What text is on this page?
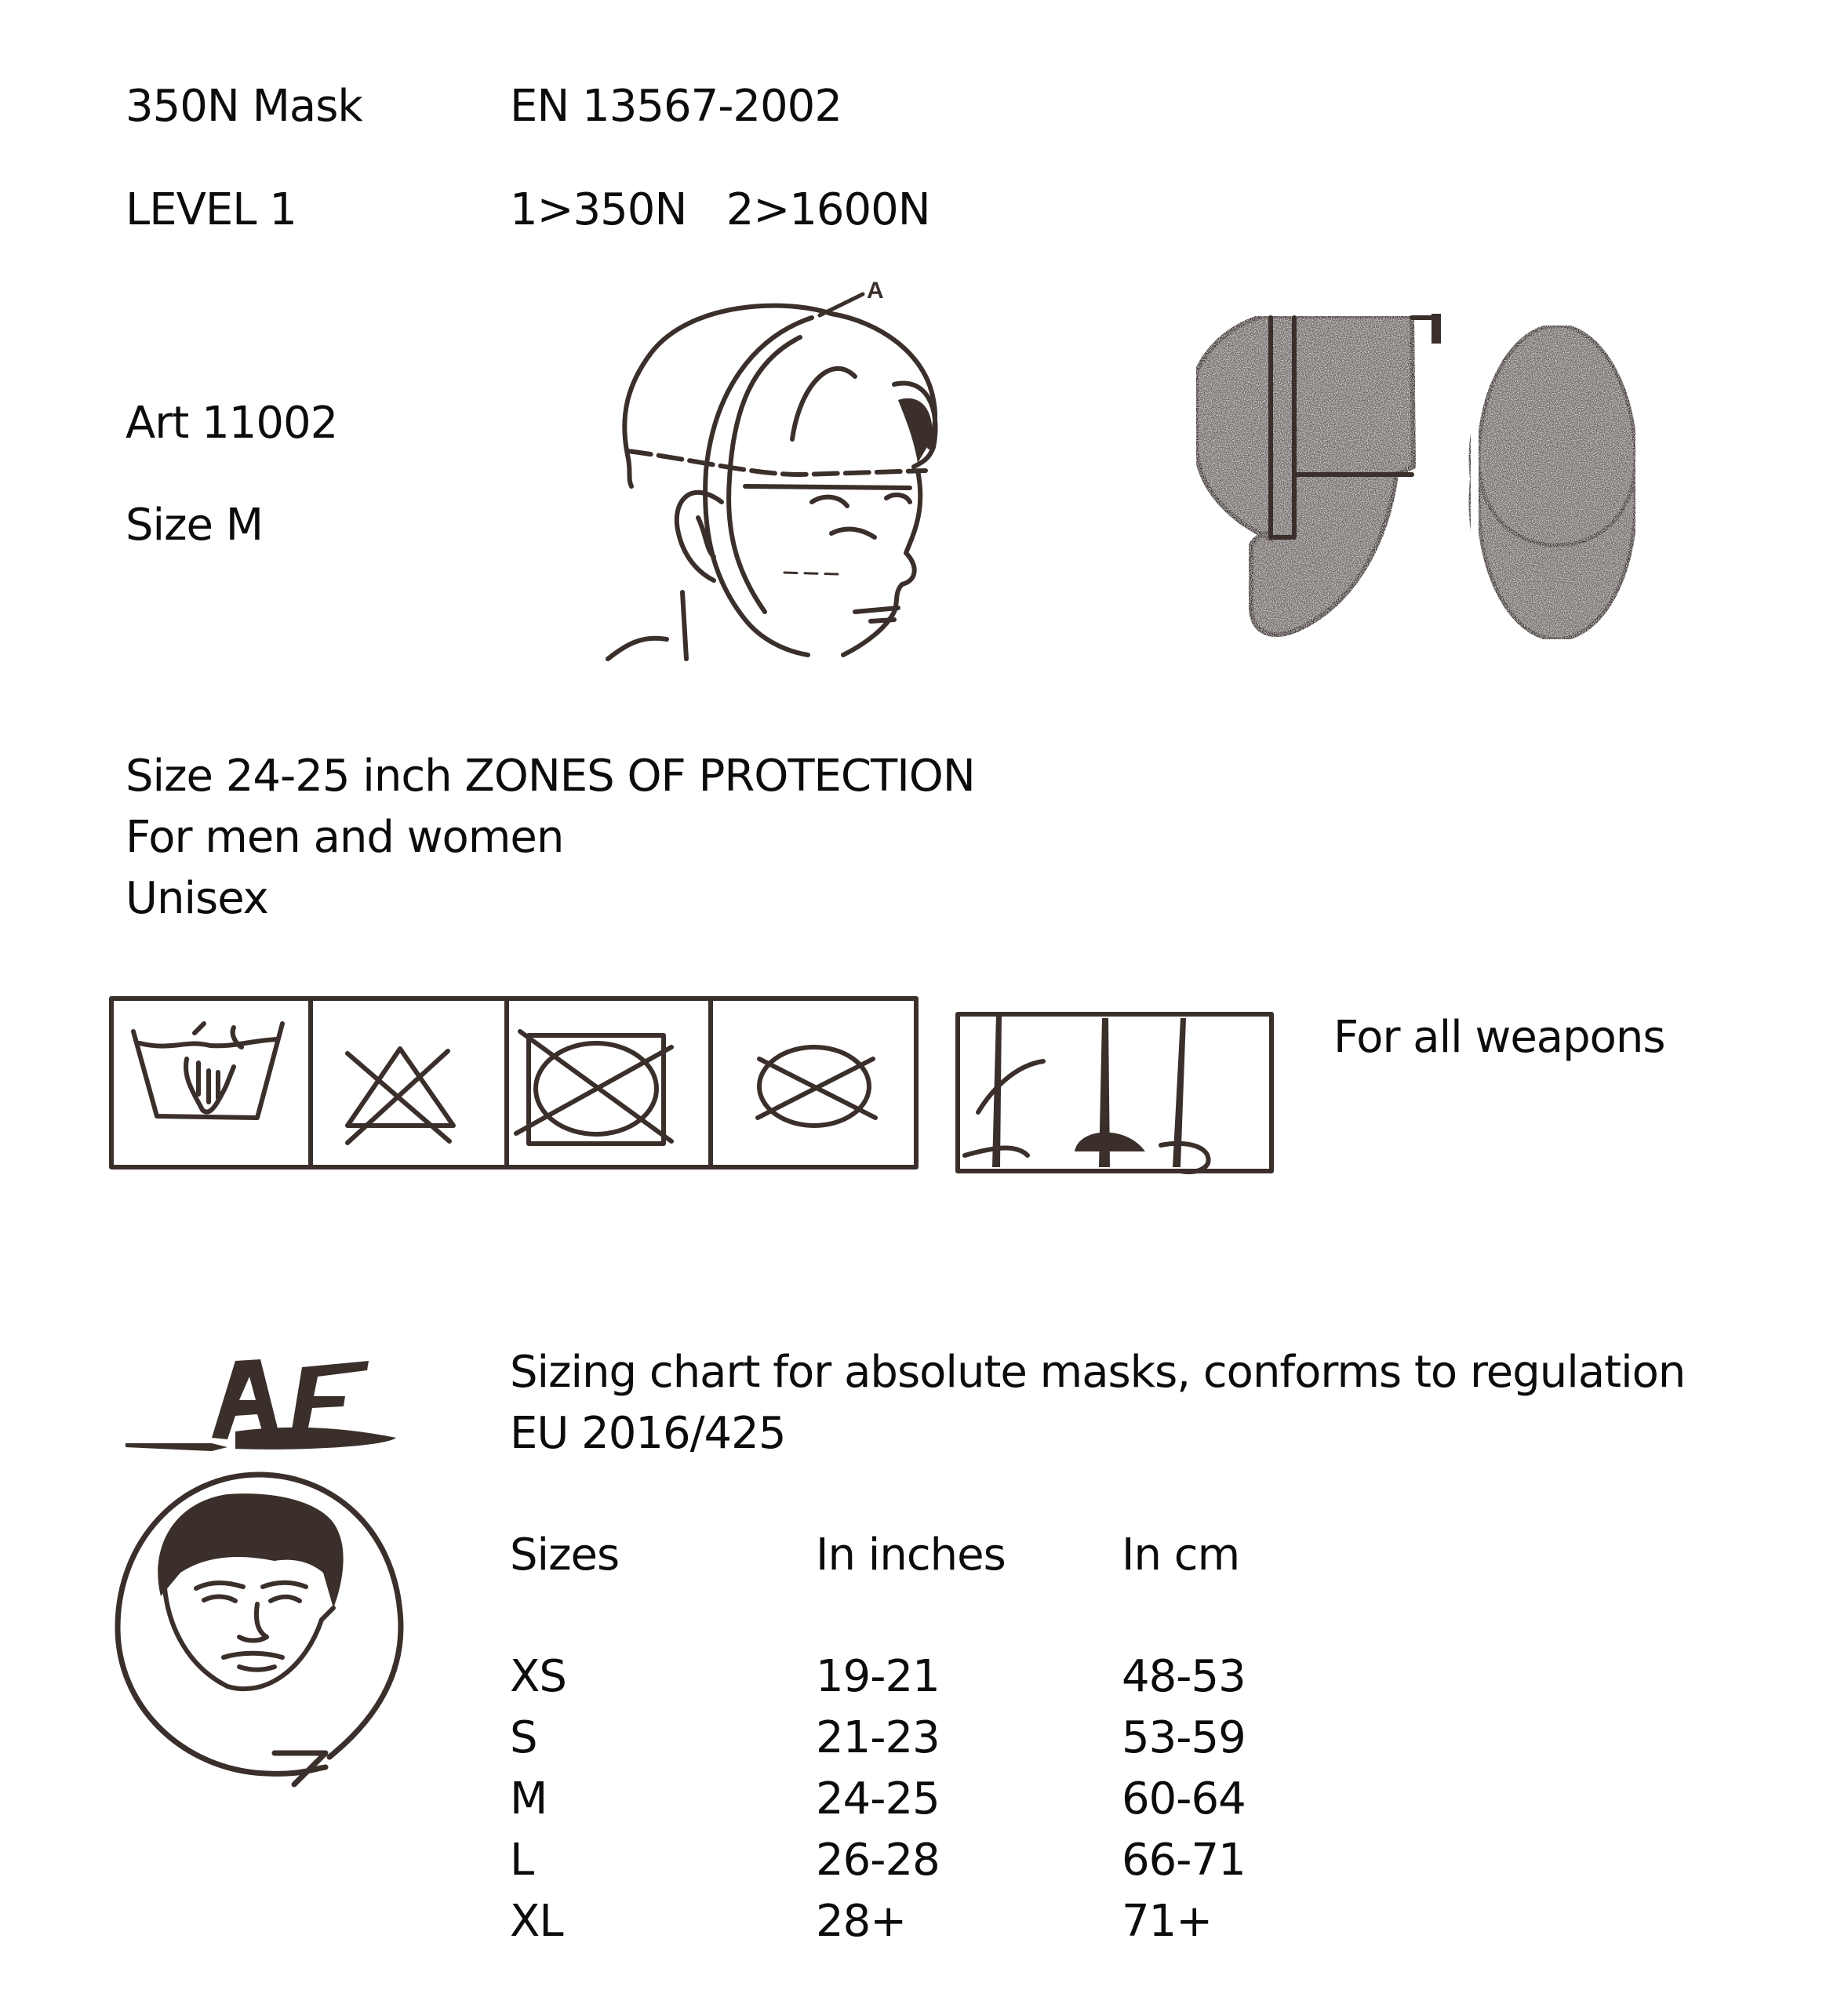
350N Mask	EN 13567-2002
LEVEL 1	1>350N   2>1600N
Art 11002
Size M
A
Size 24-25 inch ZONES OF PROTECTION
For men and women
Unisex
For all weapons
Sizing chart for absolute masks, conforms to regulation
EU 2016/425
Sizes	In inches	In cm
XS	19-21	48-53
S	21-23	53-59
M	24-25	60-64
L	26-28	66-71
XL	28+	71+
